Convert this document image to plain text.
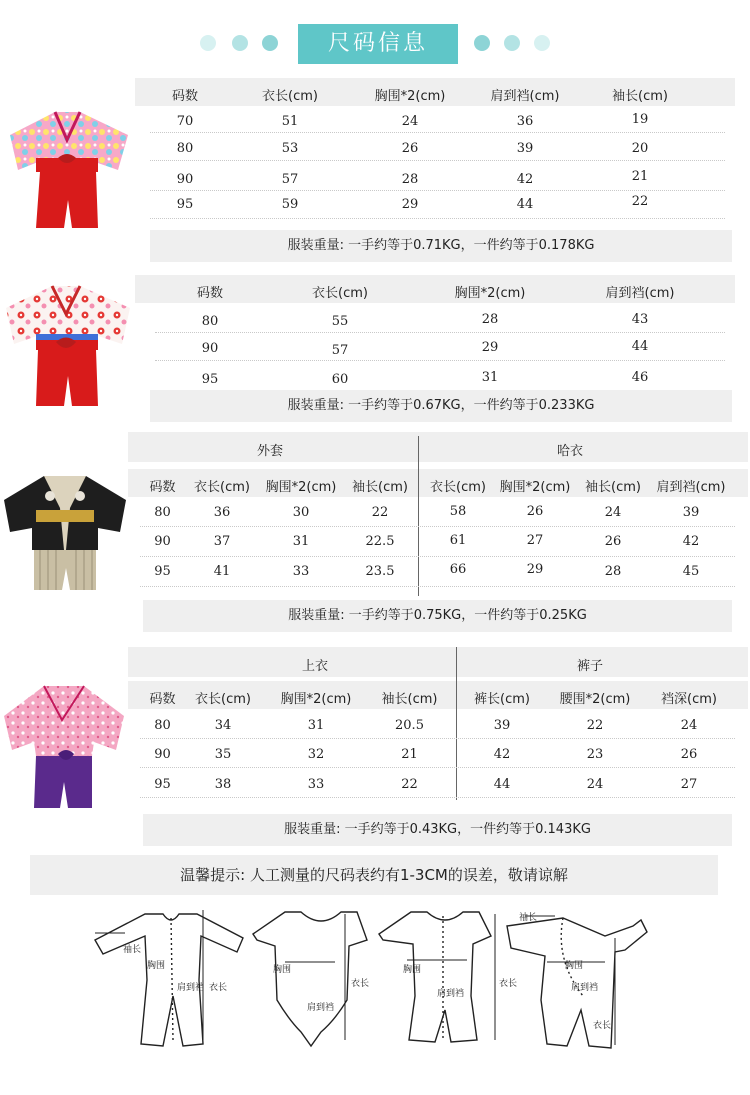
尺码信息
码数	衣长(cm)	胸围*2(cm)	肩到裆(cm)	袖长(cm)
70	51	24	36	19
80	53	26	39	20
90	57	28	42	21
95	59	29	44	22
服装重量: 一手约等于0.71KG，一件约等于0.178KG
码数	衣长(cm)	胸围*2(cm)	肩到裆(cm)
80	55	28	43
90	57	29	44
95	60	31	46
服装重量: 一手约等于0.67KG，一件约等于0.233KG
外套	哈衣
码数	衣长(cm)	胸围*2(cm)	袖长(cm)	衣长(cm)	胸围*2(cm)	袖长(cm)	肩到裆(cm)
80	36	30	22	58	26	24	39
90	37	31	22.5	61	27	26	42
95	41	33	23.5	66	29	28	45
服装重量: 一手约等于0.75KG，一件约等于0.25KG
上衣	裤子
码数	衣长(cm)	胸围*2(cm)	袖长(cm)	裤长(cm)	腰围*2(cm)	裆深(cm)
80	34	31	20.5	39	22	24
90	35	32	21	42	23	26
95	38	33	22	44	24	27
服装重量: 一手约等于0.43KG，一件约等于0.143KG
温馨提示: 人工测量的尺码表约有1-3CM的误差，敬请谅解
袖长
胸围
肩到裆 衣长
胸围
肩到裆
衣长
胸围
肩到裆
衣长
袖长
胸围
肩到裆
衣长
